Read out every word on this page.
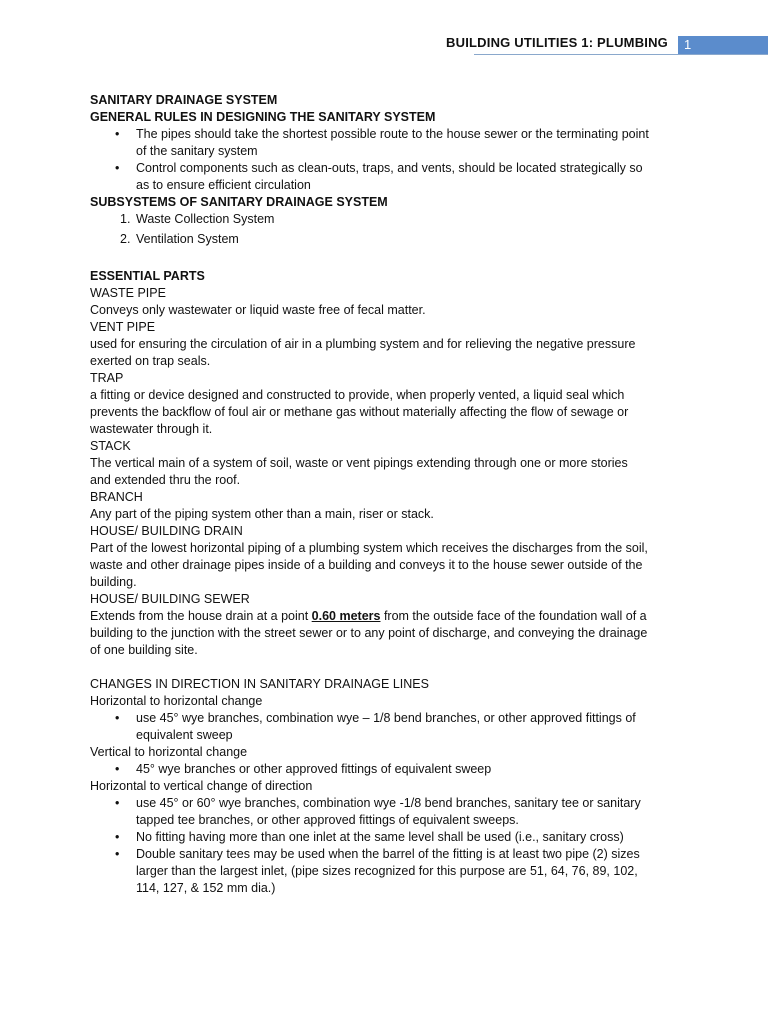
BUILDING UTILITIES 1: PLUMBING 1

SANITARY DRAINAGE SYSTEM

GENERAL RULES IN DESIGNING THE SANITARY SYSTEM

• The pipes should take the shortest possible route to the house sewer or the terminating point of the sanitary system
• Control components such as clean-outs, traps, and vents, should be located strategically so as to ensure efficient circulation

SUBSYSTEMS OF SANITARY DRAINAGE SYSTEM

1. Waste Collection System
2. Ventilation System

ESSENTIAL PARTS

WASTE PIPE

Conveys only wastewater or liquid waste free of fecal matter.

VENT PIPE

used for ensuring the circulation of air in a plumbing system and for relieving the negative pressure exerted on trap seals.

TRAP

a fitting or device designed and constructed to provide, when properly vented, a liquid seal which prevents the backflow of foul air or methane gas without materially affecting the flow of sewage or wastewater through it.

STACK

The vertical main of a system of soil, waste or vent pipings extending through one or more stories and extended thru the roof.

BRANCH

Any part of the piping system other than a main, riser or stack.

HOUSE/ BUILDING DRAIN

Part of the lowest horizontal piping of a plumbing system which receives the discharges from the soil, waste and other drainage pipes inside of a building and conveys it to the house sewer outside of the building.

HOUSE/ BUILDING SEWER

Extends from the house drain at a point 0.60 meters from the outside face of the foundation wall of a building to the junction with the street sewer or to any point of discharge, and conveying the drainage of one building site.

CHANGES IN DIRECTION IN SANITARY DRAINAGE LINES

Horizontal to horizontal change

• use 45° wye branches, combination wye – 1/8 bend branches, or other approved fittings of equivalent sweep

Vertical to horizontal change

• 45° wye branches or other approved fittings of equivalent sweep

Horizontal to vertical change of direction

• use 45° or 60° wye branches, combination wye -1/8 bend branches, sanitary tee or sanitary tapped tee branches, or other approved fittings of equivalent sweeps.
• No fitting having more than one inlet at the same level shall be used (i.e., sanitary cross)
• Double sanitary tees may be used when the barrel of the fitting is at least two pipe (2) sizes larger than the largest inlet, (pipe sizes recognized for this purpose are 51, 64, 76, 89, 102, 114, 127, & 152 mm dia.)
